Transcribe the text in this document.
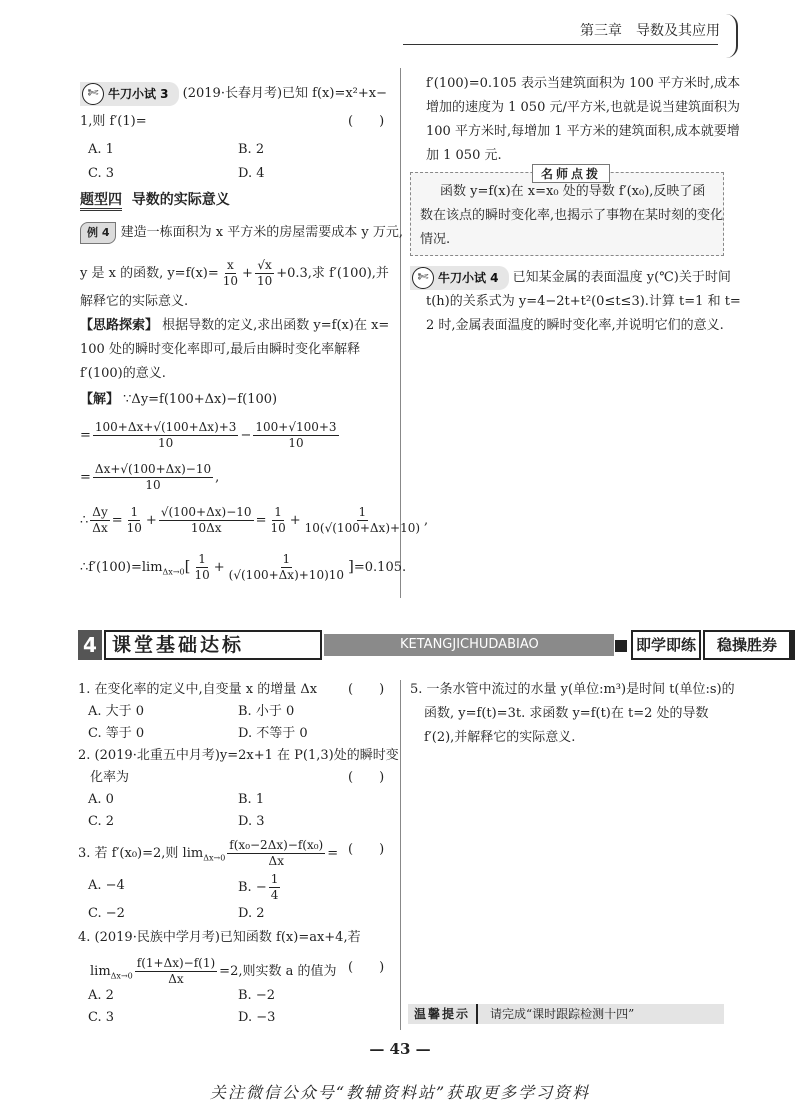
第三章　导数及其应用
✄ 牛刀小试 3 (2019·长春月考)已知 f(x)=x²+x−
1,则 f′(1)=	(　　)
A. 1	B. 2
C. 3	D. 4
题型四 导数的实际意义
例 4 建造一栋面积为 x 平方米的房屋需要成本 y 万元,
y 是 x 的函数, $y=f(x)= \frac{x}{10} + \frac{√x}{10} +0.3$,求 f′(100),并
解释它的实际意义.
【思路探索】 根据导数的定义,求出函数 y=f(x)在 x=
100 处的瞬时变化率即可,最后由瞬时变化率解释
f′(100)的意义.
【解】 ∵Δy=f(100+Δx)−f(100)
= $\frac{100+\Delta x+√(100+\Delta x)+3}{10} - \frac{100+√100+3}{10}$
= $\frac{\Delta x+√(100+\Delta x)-10}{10}$ ,
∴ $\frac{\Delta y}{\Delta x} = \frac{1}{10} + \frac{√(100+\Delta x)-10}{10\Delta x} = \frac{1}{10} + \frac{1}{10(√(100+\Delta x)+10)}$ ,
$\therefore f'(100)=\lim_{\Delta x\to 0}[ \frac{1}{10} + \frac{1}{(√(100+\Delta x)+10)10} ]=0.105$.
f′(100)=0.105 表示当建筑面积为 100 平方米时,成本
增加的速度为 1 050 元/平方米,也就是说当建筑面积为
100 平方米时,每增加 1 平方米的建筑面积,成本就要增
加 1 050 元.
名师点拨
函数 y=f(x)在 x=x₀ 处的导数 f′(x₀),反映了函
数在该点的瞬时变化率,也揭示了事物在某时刻的变化
情况.
✄ 牛刀小试 4 已知某金属的表面温度 y(℃)关于时间
t(h)的关系式为 y=4−2t+t²(0≤t≤3).计算 t=1 和 t=
2 时,金属表面温度的瞬时变化率,并说明它们的意义.
4 课堂基础达标	KETANGJICHUDABIAO	即学即练	稳操胜券
1. 在变化率的定义中,自变量 x 的增量 Δx (　　)
A. 大于 0	B. 小于 0
C. 等于 0	D. 不等于 0
2. (2019·北重五中月考)y=2x+1 在 P(1,3)处的瞬时变
化率为	(　　)
A. 0	B. 1
C. 2	D. 3
3. 若 f′(x₀)=2,则 $\lim_{\Delta x\to 0} \frac{\text{f(x₀−2Δx)−f(x₀)}}{\Delta x}$ = (　　)
A. −4	B. − $\frac{1}{4}$
C. −2	D. 2
4. (2019·民族中学月考)已知函数 f(x)=ax+4,若
$\lim_{\Delta x\to 0} \frac{f(1+\Delta x)-f(1)}{\Delta x} =2$,则实数 a 的值为 (　　)
A. 2	B. −2
C. 3	D. −3
5. 一条水管中流过的水量 y(单位:m³)是时间 t(单位:s)的
函数, y=f(t)=3t. 求函数 y=f(t)在 t=2 处的导数
f′(2),并解释它的实际意义.
温馨提示	请完成“课时跟踪检测十四”
— 43 —
关注微信公众号“教辅资料站”获取更多学习资料
